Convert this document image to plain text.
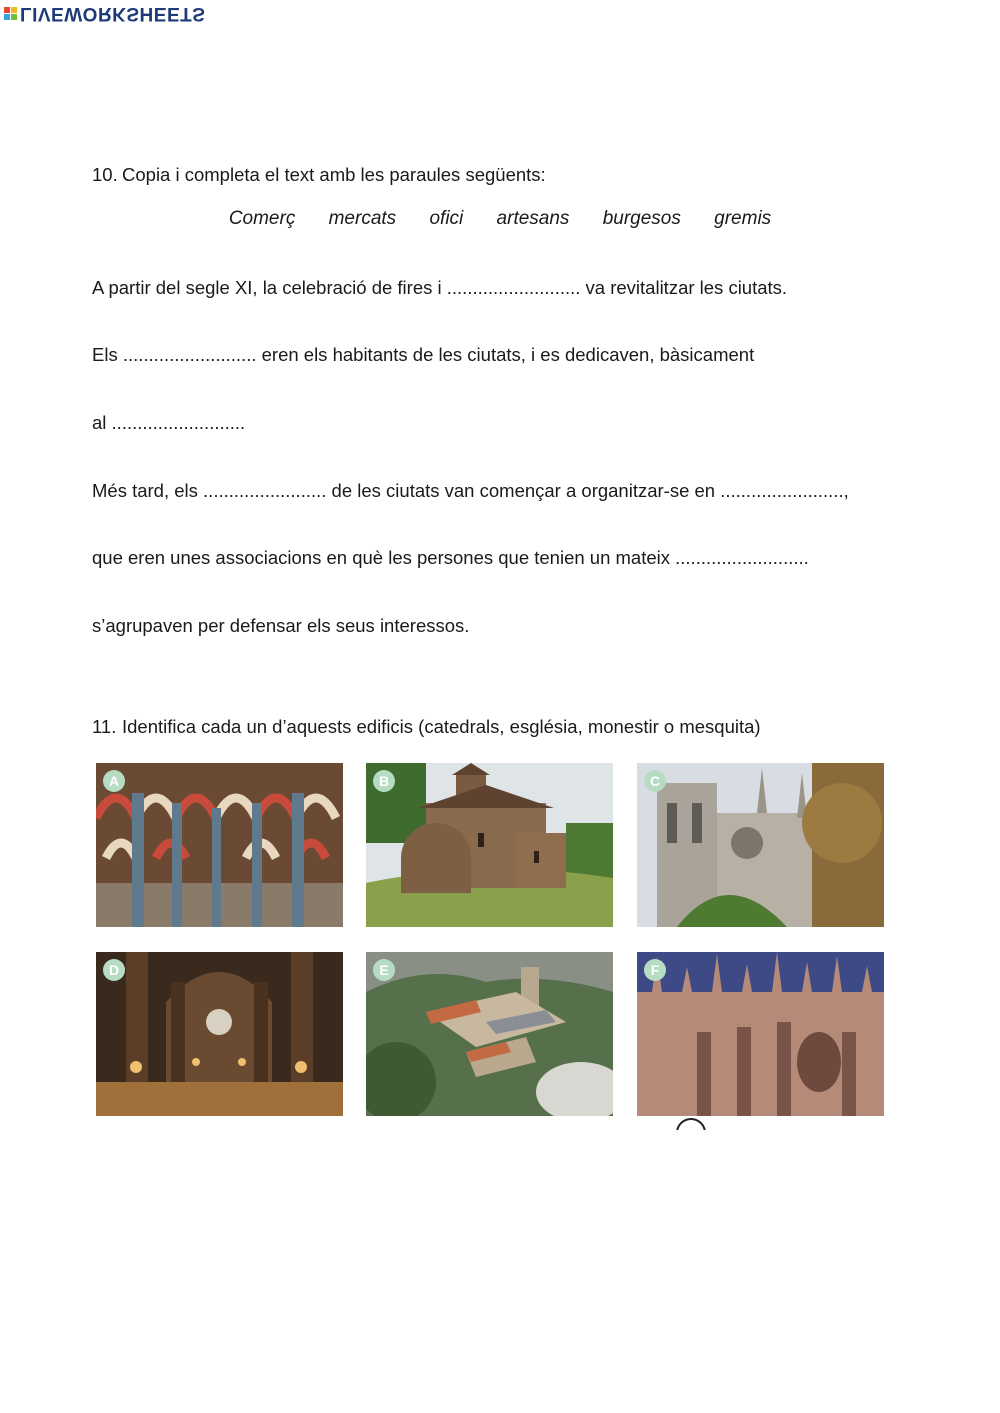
LIVEWORKSHEETS
10. Copia i completa el text amb les paraules següents:
Comerç mercats ofici artesans burgesos gremis
A partir del segle XI, la celebració de fires i .......................... va revitalitzar les ciutats.
Els .......................... eren els habitants de les ciutats, i es dedicaven, bàsicament
al ..........................
Més tard, els ........................ de les ciutats van començar a organitzar-se en ........................,
que eren unes associacions en què les persones que tenien un mateix ..........................
s’agrupaven per defensar els seus interessos.
11. Identifica cada un d’aquests edificis (catedrals, església, monestir o mesquita)
A	B	C
D	E	F
